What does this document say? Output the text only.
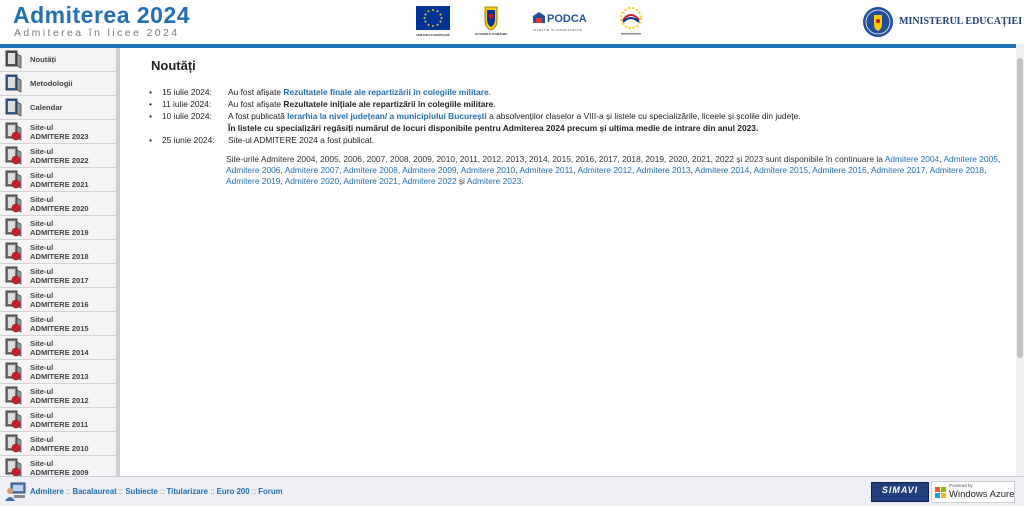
Admiterea 2024
Admiterea în licee 2024	UNIUNEA EUROPEANĂ	GUVERNUL ROMÂNIEI
PODCA
INVESTIM ÎN ADMINISTRAȚIE
MINISTERUL EDUCAȚIEI
Noutăți
Metodologii
Calendar
Site-ul
ADMITERE 2023
Site-ul
ADMITERE 2022
Site-ul
ADMITERE 2021
Site-ul
ADMITERE 2020
Site-ul
ADMITERE 2019
Site-ul
ADMITERE 2018
Site-ul
ADMITERE 2017
Site-ul
ADMITERE 2016
Site-ul
ADMITERE 2015
Site-ul
ADMITERE 2014
Site-ul
ADMITERE 2013
Site-ul
ADMITERE 2012
Site-ul
ADMITERE 2011
Site-ul
ADMITERE 2010
Site-ul
ADMITERE 2009
Noutăți
• 15 iulie 2024: Au fost afișate Rezultatele finale ale repartizării în colegiile militare.
• 11 iulie 2024: Au fost afișate Rezultatele inițiale ale repartizării în colegiile militare.
• 10 iulie 2024: A fost publicată Ierarhia la nivel județean/ a municipiului București a absolvenților claselor a VIII-a și listele cu specializările, liceele și școlile din județe.
În listele cu specializări regăsiți numărul de locuri disponibile pentru Admiterea 2024 precum și ultima medie de intrare din anul 2023.
• 25 iunie 2024: Site-ul ADMITERE 2024 a fost publicat.
Site-urile Admitere 2004, 2005, 2006, 2007, 2008, 2009, 2010, 2011, 2012, 2013, 2014, 2015, 2016, 2017, 2018, 2019, 2020, 2021, 2022 și 2023 sunt disponibile în continuare la Admitere 2004, Admitere 2005, Admitere 2006, Admitere 2007, Admitere 2008, Admitere 2009, Admitere 2010, Admitere 2011, Admitere 2012, Admitere 2013, Admitere 2014, Admitere 2015, Admitere 2016, Admitere 2017, Admitere 2018, Admitere 2019, Admitere 2020, Admitere 2021, Admitere 2022 și Admitere 2023.
Admitere :: Bacalaureat :: Subiecte :: Titularizare :: Euro 200 :: Forum	SIMAVI	Powered by
Windows Azure
